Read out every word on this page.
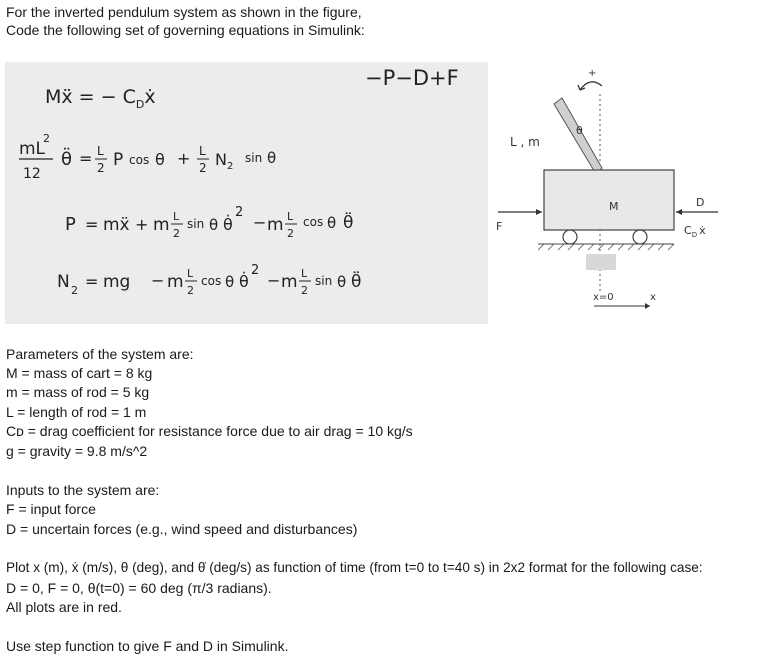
For the inverted pendulum system as shown in the figure,
Code the following set of governing equations in Simulink:
Mẍ = − $C_Dẋ$
−P−D+F
mL
2
12
θ̈ = L
2 P cos θ + L
2 N 2
sin θ
P = mẍ + m L
2
sin θ θ̇
2
− m L
2
cos θ θ̈
N 2 = mg − m L
2
cos θ θ̇
2
− m L
2
sin θ θ̈
+
θ
L , m
M
F
D
$C_D$ ẋ
x=0	x
Parameters of the system are:
M = mass of cart = 8 kg
m = mass of rod = 5 kg
L = length of rod = 1 m
Cᴅ = drag coefficient for resistance force due to air drag = 10 kg/s
g = gravity = 9.8 m/s^2
Inputs to the system are:
F = input force
D = uncertain forces (e.g., wind speed and disturbances)
Plot x (m), ẋ (m/s), θ (deg), and θ̇ (deg/s) as function of time (from t=0 to t=40 s) in 2x2 format for the following case:
D = 0, F = 0, θ(t=0) = 60 deg (π/3 radians).
All plots are in red.
Use step function to give F and D in Simulink.
